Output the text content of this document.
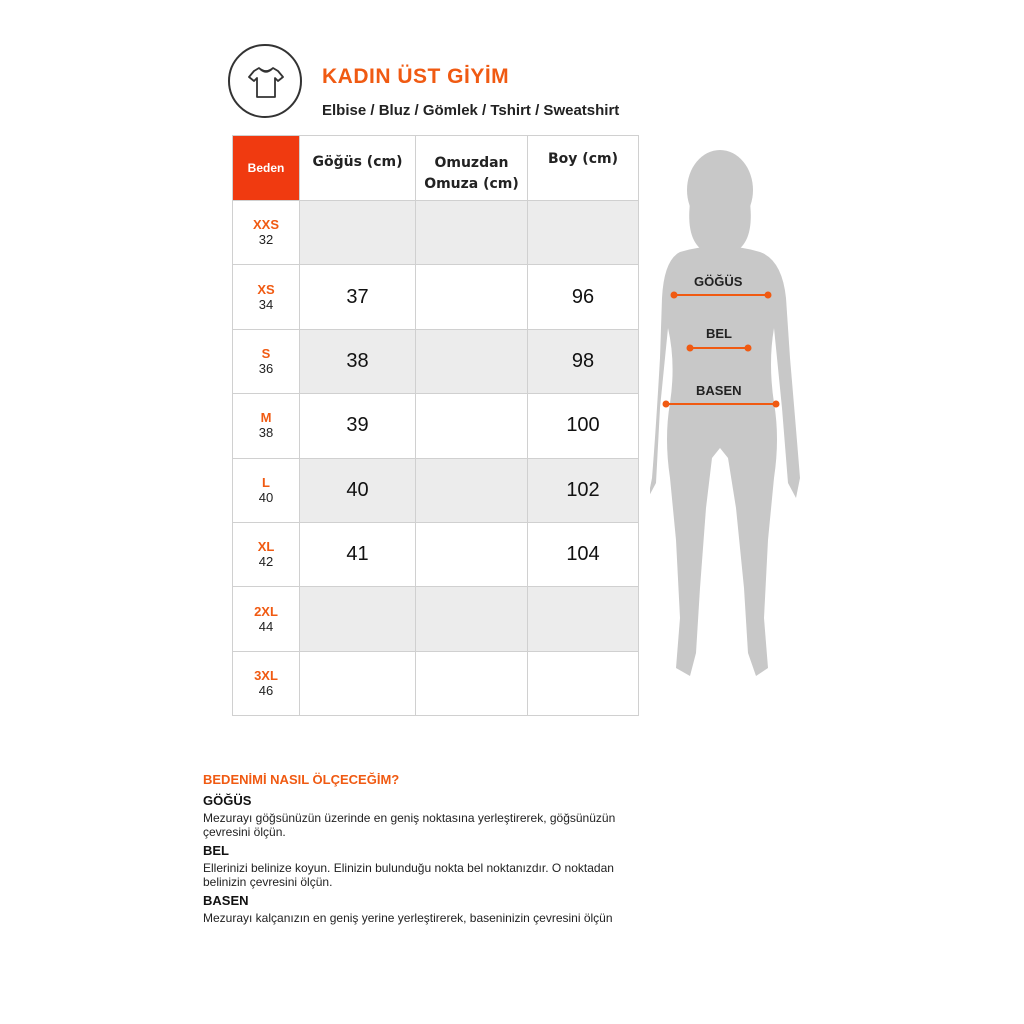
KADIN ÜST GİYİM
Elbise / Bluz / Gömlek / Tshirt / Sweatshirt
Beden	Göğüs (cm)	Omuzdan
Omuza (cm)	Boy (cm)

XXS
32			

XS
34	37		96

S
36	38		98

M
38	39		100

L
40	40		102

XL
42	41		104

2XL
44			

3XL
46			

GÖĞÜS
BEL
BASEN
BEDENİMİ NASIL ÖLÇECEĞİM?
GÖĞÜS
Mezurayı göğsünüzün üzerinde en geniş noktasına yerleştirerek, göğsünüzün
çevresini ölçün.
BEL
Ellerinizi belinize koyun. Elinizin bulunduğu nokta bel noktanızdır. O noktadan
belinizin çevresini ölçün.
BASEN
Mezurayı kalçanızın en geniş yerine yerleştirerek, baseninizin çevresini ölçün
